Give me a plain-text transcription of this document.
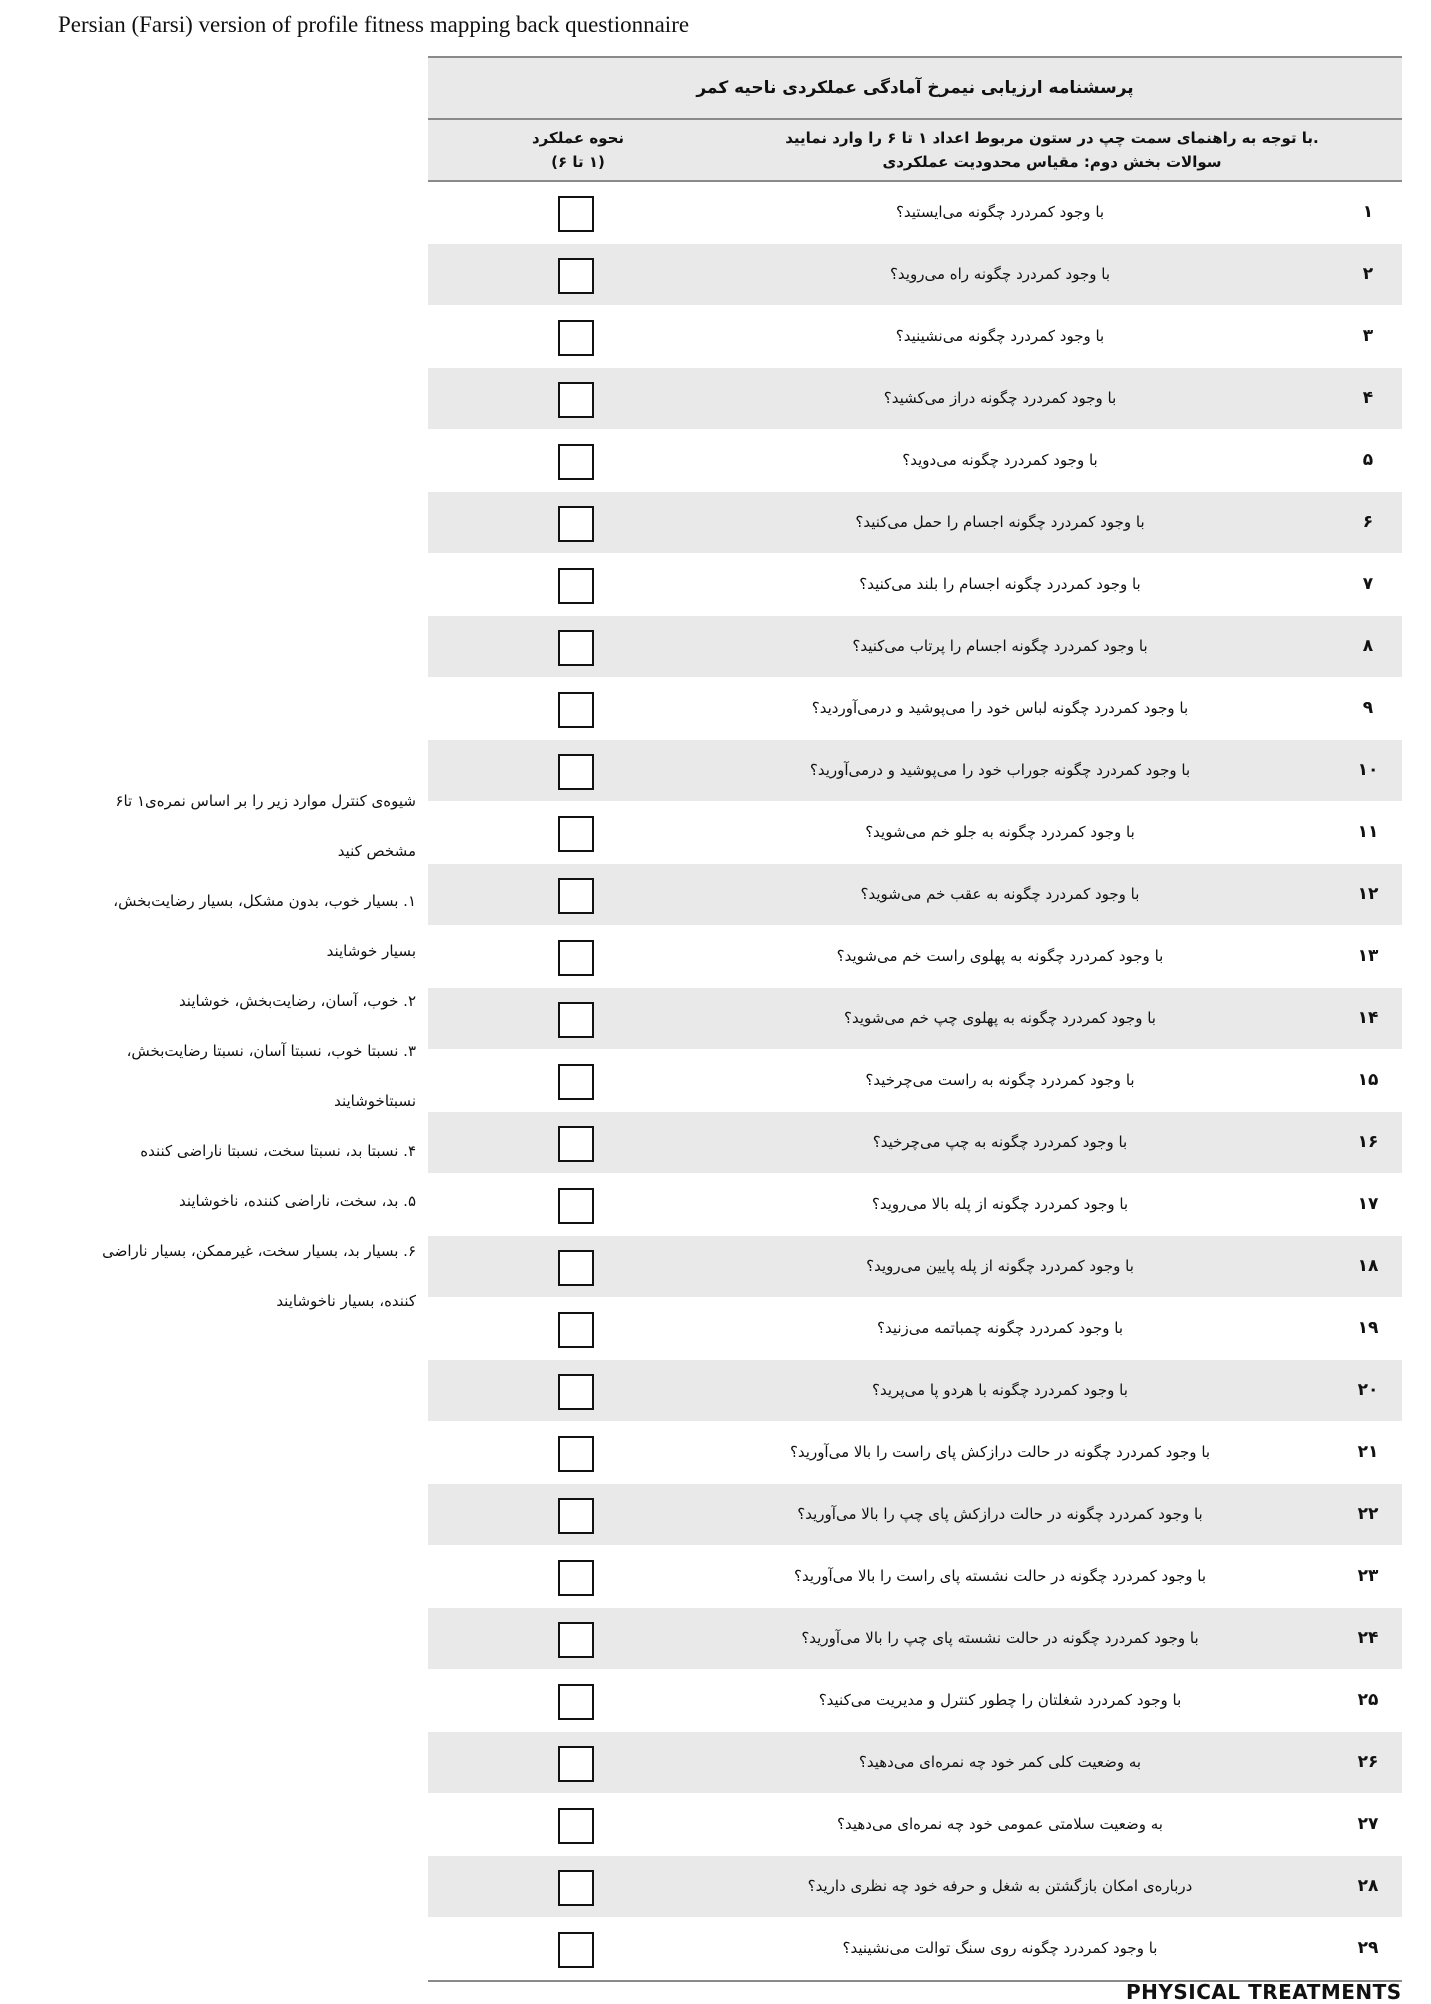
Persian (Farsi) version of profile fitness mapping back questionnaire
پرسشنامه ارزیابی نیمرخ آمادگی عملکردی ناحیه کمر
.با توجه به راهنمای سمت چپ در ستون مربوط اعداد ۱ تا ۶ را وارد نمایید
سوالات بخش دوم: مقیاس محدودیت عملکردی
نحوه عملکرد
(۱ تا ۶)
۱
با وجود کمردرد چگونه می‌ایستید؟
۲
با وجود کمردرد چگونه راه می‌روید؟
۳
با وجود کمردرد چگونه می‌نشینید؟
۴
با وجود کمردرد چگونه دراز می‌کشید؟
۵
با وجود کمردرد چگونه می‌دوید؟
۶
با وجود کمردرد چگونه اجسام را حمل می‌کنید؟
۷
با وجود کمردرد چگونه اجسام را بلند می‌کنید؟
۸
با وجود کمردرد چگونه اجسام را پرتاب می‌کنید؟
۹
با وجود کمردرد چگونه لباس خود را می‌پوشید و درمی‌آوردید؟
۱۰
با وجود کمردرد چگونه جوراب خود را می‌پوشید و درمی‌آورید؟
۱۱
با وجود کمردرد چگونه به جلو خم می‌شوید؟
۱۲
با وجود کمردرد چگونه به عقب خم می‌شوید؟
۱۳
با وجود کمردرد چگونه به پهلوی راست خم می‌شوید؟
۱۴
با وجود کمردرد چگونه به پهلوی چپ خم می‌شوید؟
۱۵
با وجود کمردرد چگونه به راست می‌چرخید؟
۱۶
با وجود کمردرد چگونه به چپ می‌چرخید؟
۱۷
با وجود کمردرد چگونه از پله بالا می‌روید؟
۱۸
با وجود کمردرد چگونه از پله پایین می‌روید؟
۱۹
با وجود کمردرد چگونه چمباتمه می‌زنید؟
۲۰
با وجود کمردرد چگونه با هردو پا می‌پرید؟
۲۱
با وجود کمردرد چگونه در حالت درازکش پای راست را بالا می‌آورید؟
۲۲
با وجود کمردرد چگونه در حالت درازکش پای چپ را بالا می‌آورید؟
۲۳
با وجود کمردرد چگونه در حالت نشسته پای راست را بالا می‌آورید؟
۲۴
با وجود کمردرد چگونه در حالت نشسته پای چپ را بالا می‌آورید؟
۲۵
با وجود کمردرد شغلتان را چطور کنترل و مدیریت می‌کنید؟
۲۶
به وضعیت کلی کمر خود چه نمره‌ای می‌دهید؟
۲۷
به وضعیت سلامتی عمومی خود چه نمره‌ای می‌دهید؟
۲۸
درباره‌ی امکان بازگشتن به شغل و حرفه خود چه نظری دارید؟
۲۹
با وجود کمردرد چگونه روی سنگ توالت می‌نشینید؟
شیوه‌ی کنترل موارد زیر را بر اساس نمره‌ی۱ تا۶
مشخص کنید
۱. بسیار خوب، بدون مشکل، بسیار رضایت‌بخش،
بسیار خوشایند
۲. خوب، آسان، رضایت‌بخش، خوشایند
۳. نسبتا خوب، نسبتا آسان، نسبتا رضایت‌بخش،
نسبتاخوشایند
۴. نسبتا بد، نسبتا سخت، نسبتا ناراضی کننده
۵. بد، سخت، ناراضی کننده، ناخوشایند
۶. بسیار بد، بسیار سخت، غیرممکن، بسیار ناراضی
کننده، بسیار ناخوشایند
PHYSICAL TREATMENTS
